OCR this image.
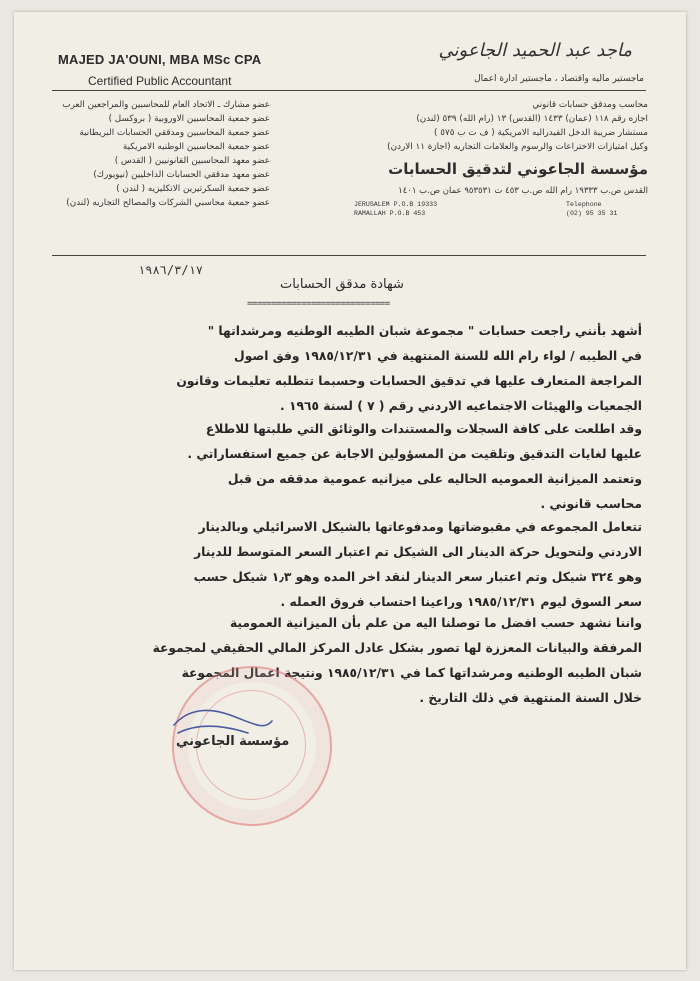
MAJED JA'OUNI, MBA MSc CPA
Certified Public Accountant
ماجد عبد الحميد الجاعوني
ماجستير ماليه واقتصاد ، ماجستير ادارة اعمال
عضو مشارك ـ الاتحاد العام للمحاسبين والمراجعين العرب
عضو جمعية المحاسبين الاوروبية ( بروكسل )
عضو جمعية المحاسبين ومدققي الحسابات البريطانية
عضو جمعية المحاسبين الوطنيه الامريكية
عضو معهد المحاسبين القانونيين ( القدس )
عضو معهد مدققي الحسابات الداخليين (نيويورك)
عضو جمعية السكرتيرين الانكليزيه ( لندن )
عضو جمعية محاسبي الشركات والمصالح التجاريه (لندن)
محاسب ومدقق حسابات قانوني
اجازه رقم ١١٨ (عمان) ١٤٣٣ (القدس) ١٣ (رام الله) ٥٣٩ (لندن)
مستشار ضريبة الدخل الفيدراليه الامريكية ( ف ت ب ٥٧٥ )
وكيل امتيازات الاختراعات والرسوم والعلامات التجاريه (اجازة ١١ الاردن)
مؤسسة الجاعوني لتدقيق الحسابات
القدس ص.ب ١٩٣٣٣ رام الله ص.ب ٤٥٣ ت ٩٥٣٥٣١ عمان ص.ب ١٤٠١
JERUSALEM P.O.B 19333
RAMALLAH P.O.B 453
Telephone
(02) 95 35 31
١٩٨٦/٣/١٧
شهادة مدقق الحسابات
=============================
أشهد بأنني راجعت حسابات " مجموعة شبان الطيبه الوطنيه ومرشداتها "
في الطيبه / لواء رام الله للسنة المنتهية في ١٩٨٥/١٢/٣١ وفق اصول
المراجعة المتعارف عليها في تدقيق الحسابات وحسبما تتطلبه تعليمات وقانون
الجمعيات والهيئات الاجتماعيه الاردني رقم ( ٧ ) لسنة ١٩٦٥ .
وقد اطلعت على كافة السجلات والمستندات والوثائق التي طلبتها للاطلاع
عليها لغايات التدقيق وتلقيت من المسؤولين الاجابة عن جميع استفساراتي .
وتعتمد الميزانية العموميه الحاليه على ميزانيه عمومية مدققه من قبل
محاسب قانوني .
تتعامل المجموعه في مقبوضاتها ومدفوعاتها بالشيكل الاسرائيلي وبالدينار
الاردني ولتحويل حركة الدينار الى الشيكل تم اعتبار السعر المتوسط للدينار
وهو ٣٢٤ شيكل وتم اعتبار سعر الدينار لنقد اخر المده وهو ١٫٣ شيكل حسب
سعر السوق ليوم ١٩٨٥/١٢/٣١ وراعينا احتساب فروق العمله .
واننا نشهد حسب افضل ما توصلنا اليه من علم بأن الميزانية العمومية
المرفقة والبيانات المعززة لها تصور بشكل عادل المركز المالي الحقيقي لمجموعة
شبان الطيبه الوطنيه ومرشداتها كما في ١٩٨٥/١٢/٣١ ونتيجة اعمال المجموعة
خلال السنة المنتهية في ذلك التاريخ .
مؤسسة الجاعوني
